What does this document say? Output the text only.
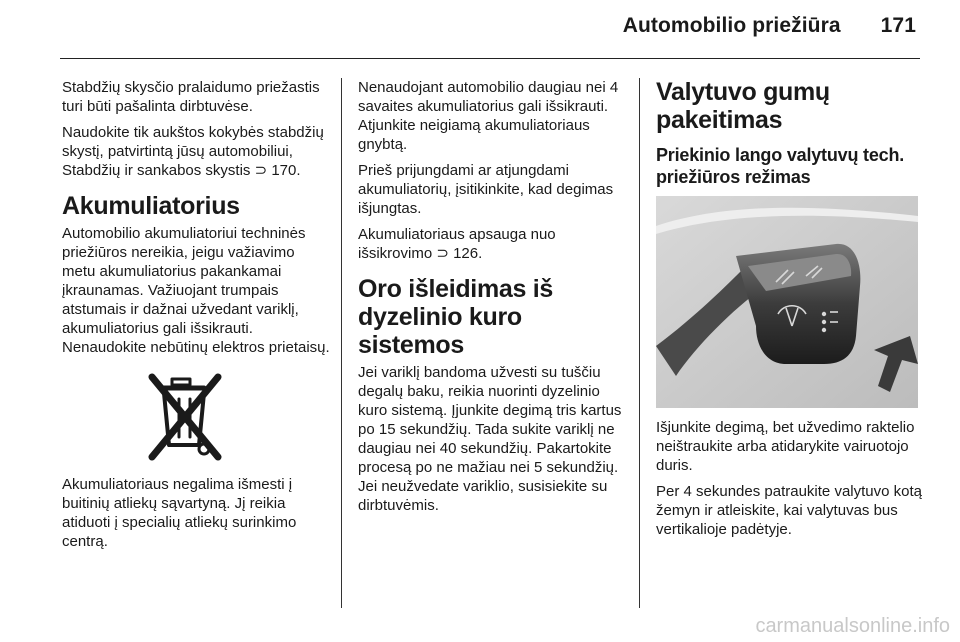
Automobilio priežiūra 171

Stabdžių skysčio pralaidumo priežastis turi būti pašalinta dirbtuvėse.

Naudokite tik aukštos kokybės stabdžių skystį, patvirtintą jūsų automobiliui, Stabdžių ir sankabos skystis ⊃ 170.

Akumuliatorius

Automobilio akumuliatoriui techninės priežiūros nereikia, jeigu važiavimo metu akumuliatorius pakankamai įkraunamas. Važiuojant trumpais atstumais ir dažnai užvedant variklį, akumuliatorius gali išsikrauti. Nenaudokite nebūtinų elektros prietaisų.

Akumuliatoriaus negalima išmesti į buitinių atliekų sąvartyną. Jį reikia atiduoti į specialių atliekų surinkimo centrą.

Nenaudojant automobilio daugiau nei 4 savaites akumuliatorius gali išsikrauti. Atjunkite neigiamą akumuliatoriaus gnybtą.

Prieš prijungdami ar atjungdami akumuliatorių, įsitikinkite, kad degimas išjungtas.

Akumuliatoriaus apsauga nuo išsikrovimo ⊃ 126.

Oro išleidimas iš dyzelinio kuro sistemos

Jei variklį bandoma užvesti su tuščiu degalų baku, reikia nuorinti dyzelinio kuro sistemą. Įjunkite degimą tris kartus po 15 sekundžių. Tada sukite variklį ne daugiau nei 40 sekundžių. Pakartokite procesą po ne mažiau nei 5 sekundžių. Jei neužvedate variklio, susisiekite su dirbtuvėmis.

Valytuvo gumų pakeitimas
Priekinio lango valytuvų tech. priežiūros režimas

Išjunkite degimą, bet užvedimo raktelio neištraukite arba atidarykite vairuotojo duris.

Per 4 sekundes patraukite valytuvo kotą žemyn ir atleiskite, kai valytuvas bus vertikalioje padėtyje.

carmanualsonline.info
